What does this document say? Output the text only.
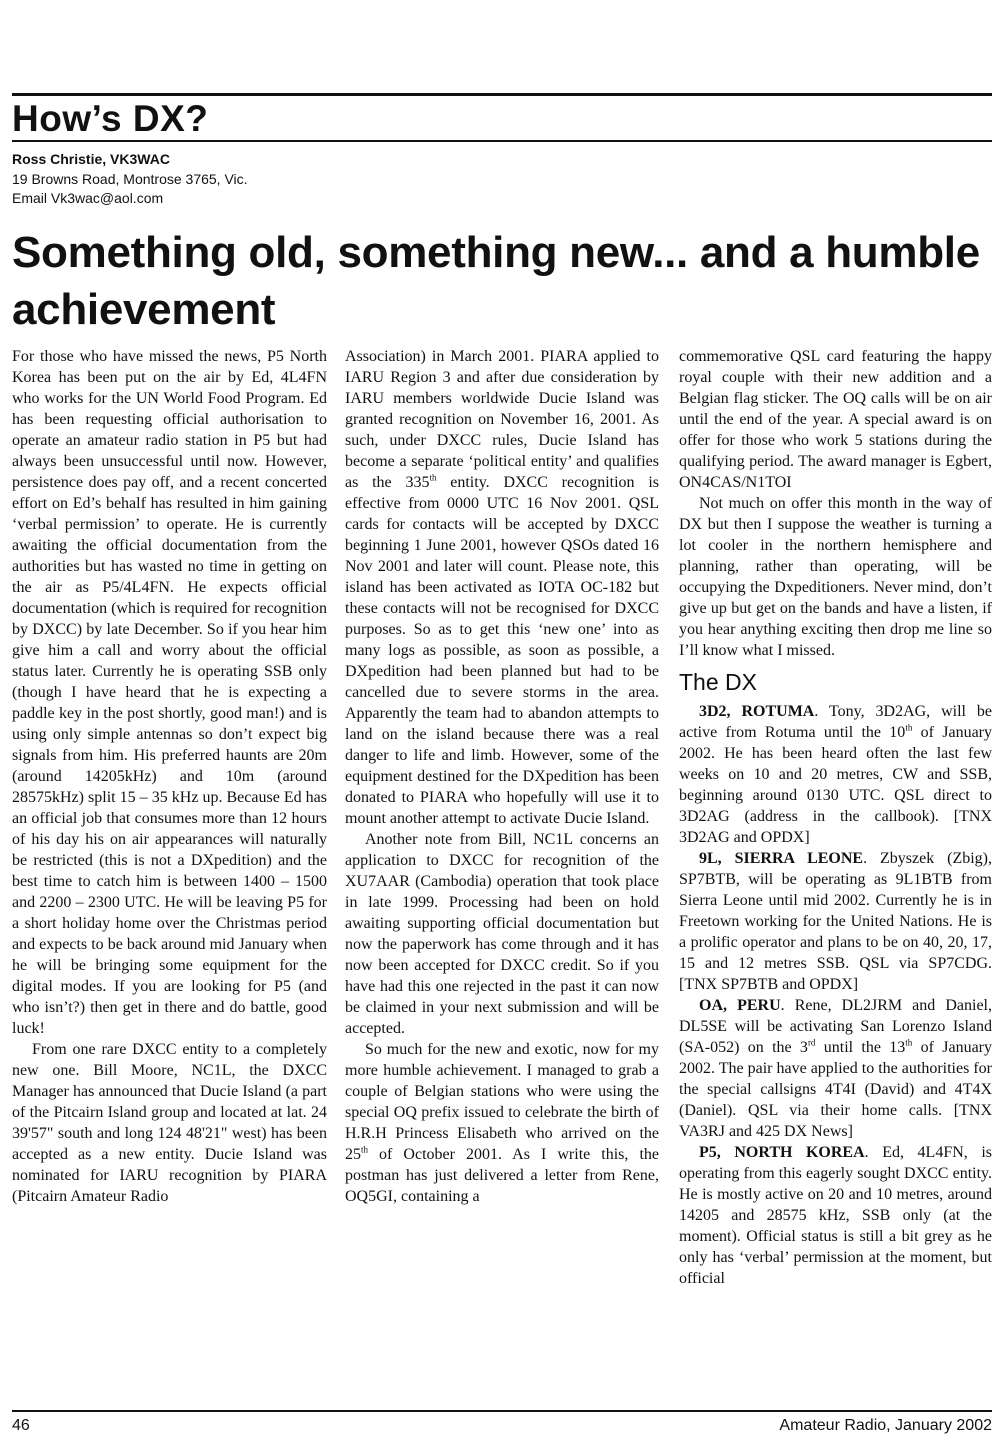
How’s DX?
Ross Christie, VK3WAC
19 Browns Road, Montrose 3765, Vic.
Email Vk3wac@aol.com
Something old, something new... and a humble achievement

For those who have missed the news, P5 North Korea has been put on the air by Ed, 4L4FN who works for the UN World Food Program. Ed has been requesting official authorisation to operate an amateur radio station in P5 but had always been unsuccessful until now. However, persistence does pay off, and a recent concerted effort on Ed’s behalf has resulted in him gaining ‘verbal permission’ to operate. He is currently awaiting the official documentation from the authorities but has wasted no time in getting on the air as P5/4L4FN. He expects official documentation (which is required for recognition by DXCC) by late December. So if you hear him give him a call and worry about the official status later. Currently he is operating SSB only (though I have heard that he is expecting a paddle key in the post shortly, good man!) and is using only simple antennas so don’t expect big signals from him. His preferred haunts are 20m (around 14205kHz) and 10m (around 28575kHz) split 15 – 35 kHz up. Because Ed has an official job that consumes more than 12 hours of his day his on air appearances will naturally be restricted (this is not a DXpedition) and the best time to catch him is between 1400 – 1500 and 2200 – 2300 UTC. He will be leaving P5 for a short holiday home over the Christmas period and expects to be back around mid January when he will be bringing some equipment for the digital modes. If you are looking for P5 (and who isn’t?) then get in there and do battle, good luck!

From one rare DXCC entity to a completely new one. Bill Moore, NC1L, the DXCC Manager has announced that Ducie Island (a part of the Pitcairn Island group and located at lat. 24 39'57" south and long 124 48'21" west) has been accepted as a new entity. Ducie Island was nominated for IARU recognition by PIARA (Pitcairn Amateur Radio

Association) in March 2001. PIARA applied to IARU Region 3 and after due consideration by IARU members worldwide Ducie Island was granted recognition on November 16, 2001. As such, under DXCC rules, Ducie Island has become a separate ‘political entity’ and qualifies as the 335th entity. DXCC recognition is effective from 0000 UTC 16 Nov 2001. QSL cards for contacts will be accepted by DXCC beginning 1 June 2001, however QSOs dated 16 Nov 2001 and later will count. Please note, this island has been activated as IOTA OC-182 but these contacts will not be recognised for DXCC purposes. So as to get this ‘new one’ into as many logs as possible, as soon as possible, a DXpedition had been planned but had to be cancelled due to severe storms in the area. Apparently the team had to abandon attempts to land on the island because there was a real danger to life and limb. However, some of the equipment destined for the DXpedition has been donated to PIARA who hopefully will use it to mount another attempt to activate Ducie Island.

Another note from Bill, NC1L concerns an application to DXCC for recognition of the XU7AAR (Cambodia) operation that took place in late 1999. Processing had been on hold awaiting supporting official documentation but now the paperwork has come through and it has now been accepted for DXCC credit. So if you have had this one rejected in the past it can now be claimed in your next submission and will be accepted.

So much for the new and exotic, now for my more humble achievement. I managed to grab a couple of Belgian stations who were using the special OQ prefix issued to celebrate the birth of H.R.H Princess Elisabeth who arrived on the 25th of October 2001. As I write this, the postman has just delivered a letter from Rene, OQ5GI, containing a

commemorative QSL card featuring the happy royal couple with their new addition and a Belgian flag sticker. The OQ calls will be on air until the end of the year. A special award is on offer for those who work 5 stations during the qualifying period. The award manager is Egbert, ON4CAS/N1TOI

Not much on offer this month in the way of DX but then I suppose the weather is turning a lot cooler in the northern hemisphere and planning, rather than operating, will be occupying the Dxpeditioners. Never mind, don’t give up but get on the bands and have a listen, if you hear anything exciting then drop me line so I’ll know what I missed.

The DX

3D2, ROTUMA. Tony, 3D2AG, will be active from Rotuma until the 10th of January 2002. He has been heard often the last few weeks on 10 and 20 metres, CW and SSB, beginning around 0130 UTC. QSL direct to 3D2AG (address in the callbook). [TNX 3D2AG and OPDX]

9L, SIERRA LEONE. Zbyszek (Zbig), SP7BTB, will be operating as 9L1BTB from Sierra Leone until mid 2002. Currently he is in Freetown working for the United Nations. He is a prolific operator and plans to be on 40, 20, 17, 15 and 12 metres SSB. QSL via SP7CDG. [TNX SP7BTB and OPDX]

OA, PERU. Rene, DL2JRM and Daniel, DL5SE will be activating San Lorenzo Island (SA-052) on the 3rd until the 13th of January 2002. The pair have applied to the authorities for the special callsigns 4T4I (David) and 4T4X (Daniel). QSL via their home calls. [TNX VA3RJ and 425 DX News]

P5, NORTH KOREA. Ed, 4L4FN, is operating from this eagerly sought DXCC entity. He is mostly active on 20 and 10 metres, around 14205 and 28575 kHz, SSB only (at the moment). Official status is still a bit grey as he only has ‘verbal’ permission at the moment, but official

46	Amateur Radio, January 2002
